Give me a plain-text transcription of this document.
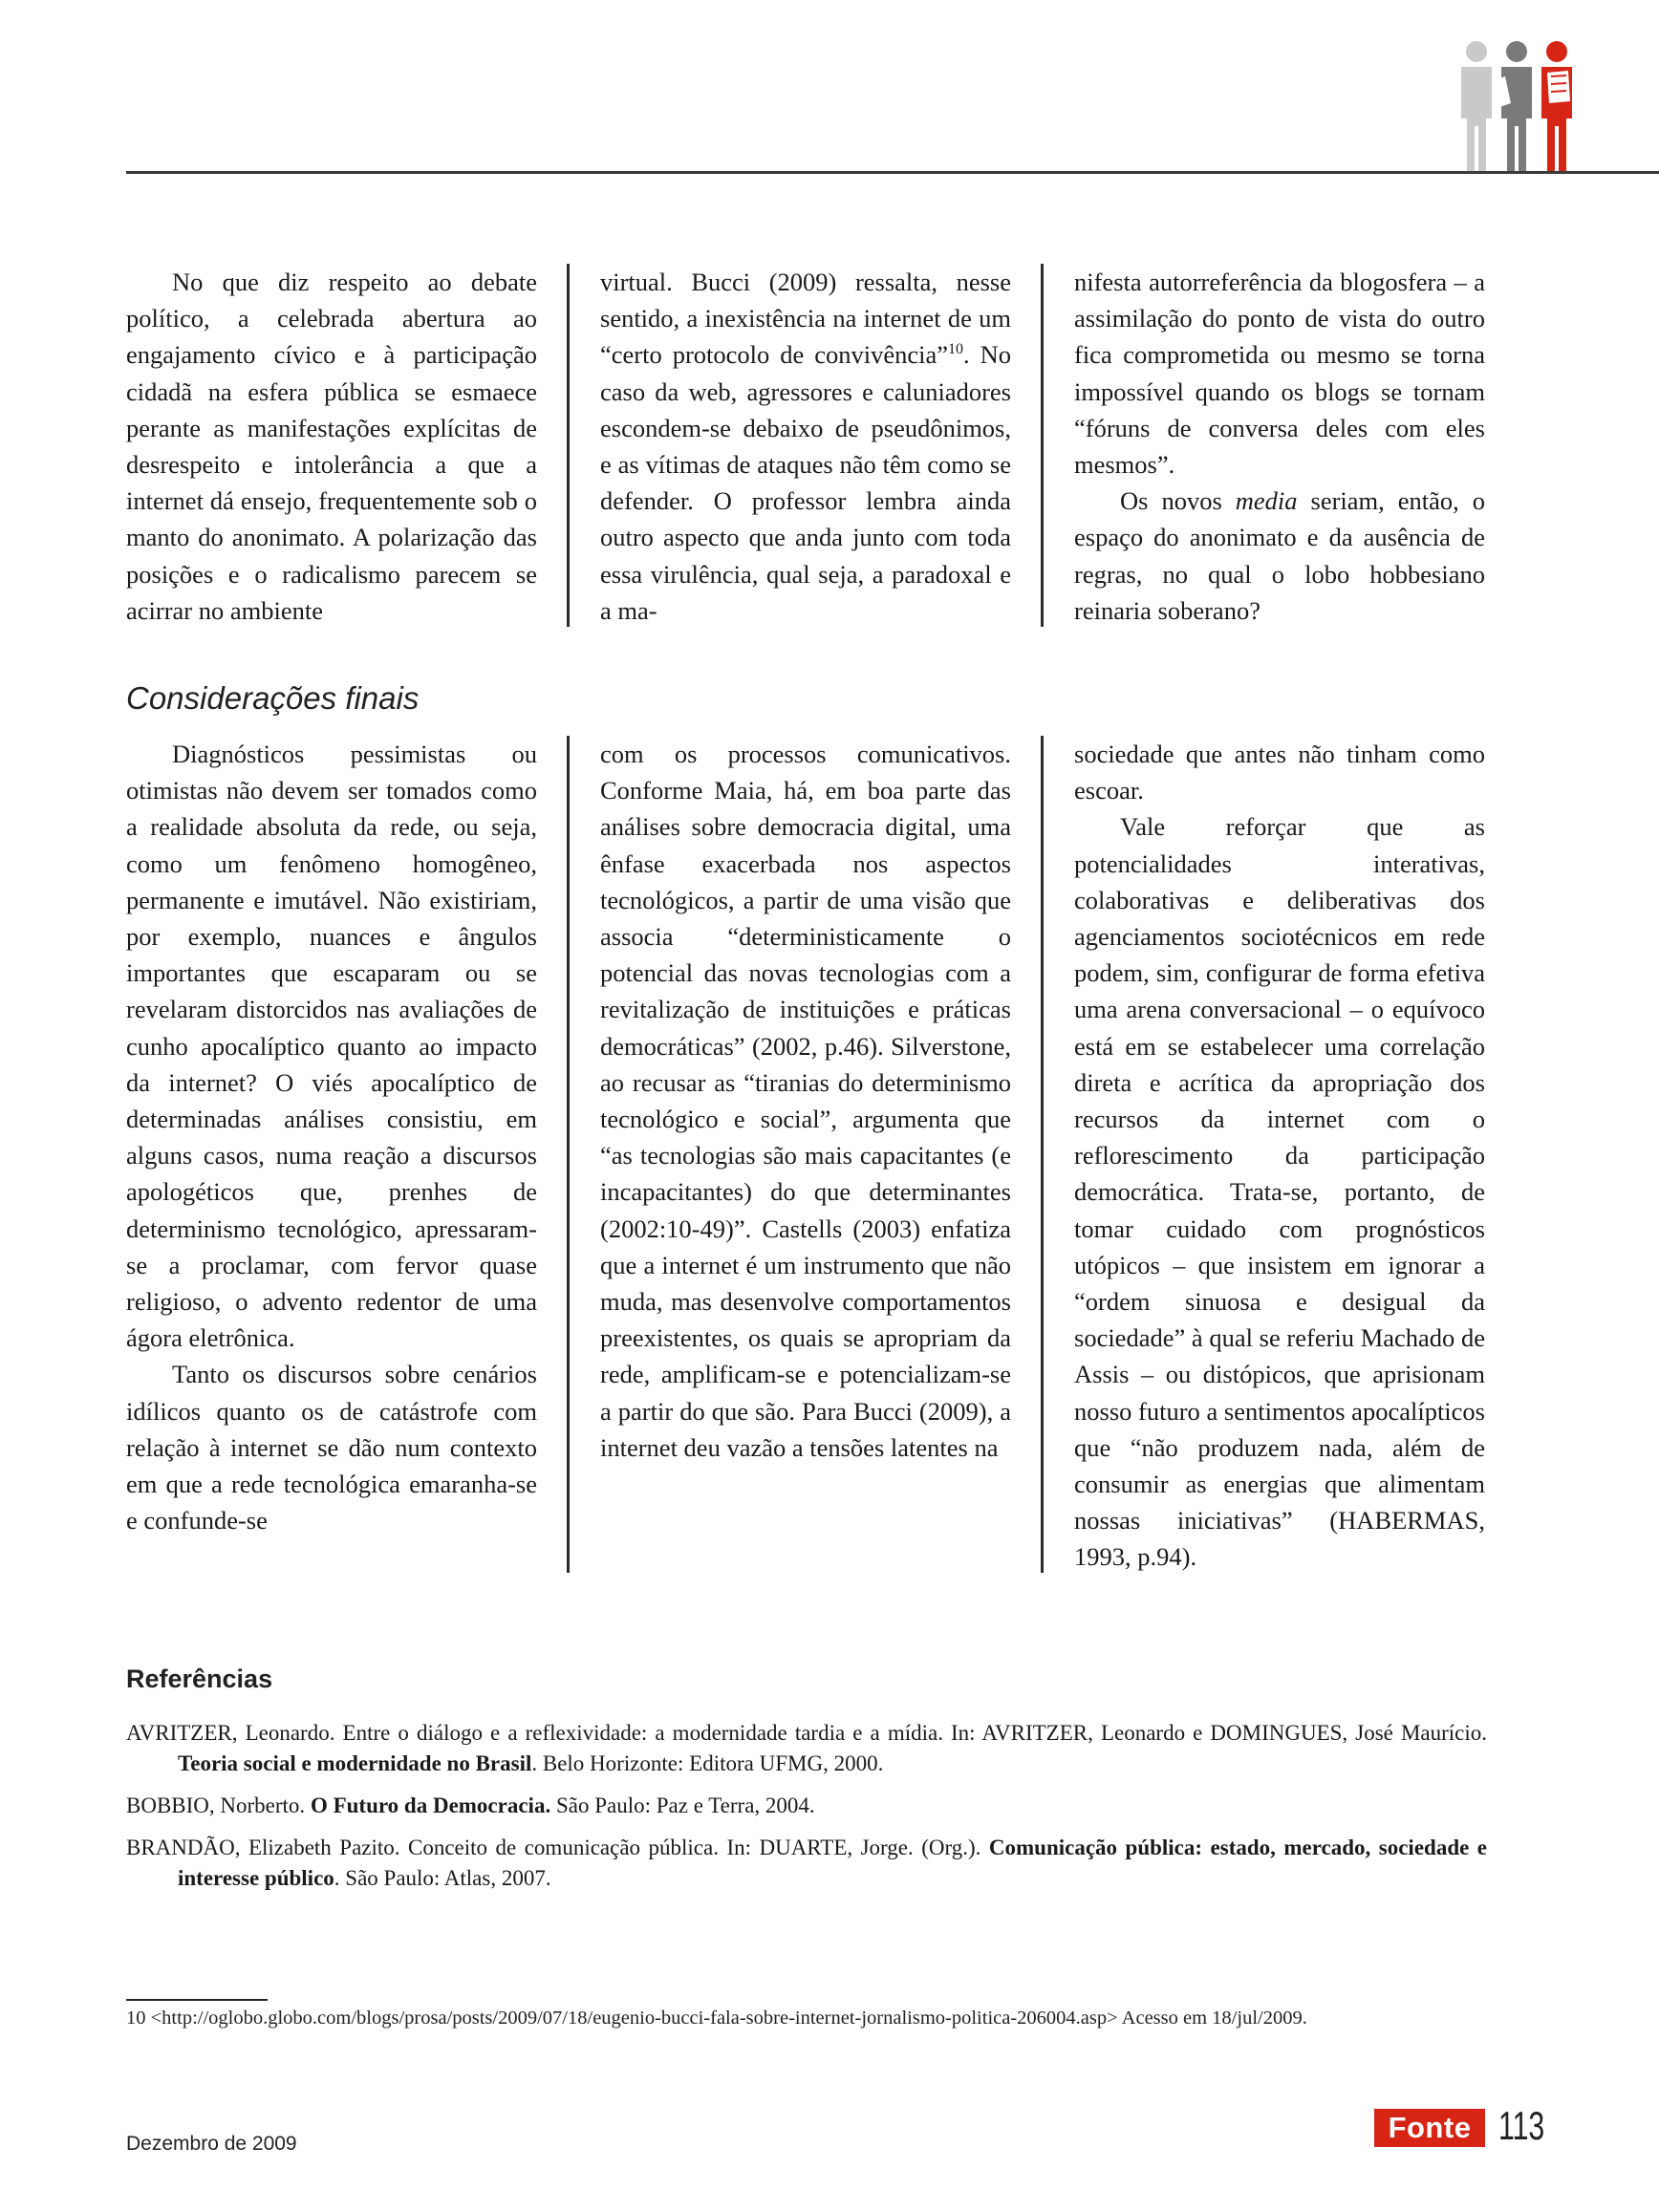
No que diz respeito ao debate político, a celebrada abertura ao engajamento cívico e à participação cidadã na esfera pública se esmaece perante as manifestações explícitas de desrespeito e intolerância a que a internet dá ensejo, frequentemente sob o manto do anonimato. A polarização das posições e o radicalismo parecem se acirrar no ambiente

virtual. Bucci (2009) ressalta, nesse sentido, a inexistência na internet de um “certo protocolo de convivência”$^{10}$. No caso da web, agressores e caluniadores escondem-se debaixo de pseudônimos, e as vítimas de ataques não têm como se defender. O professor lembra ainda outro aspecto que anda junto com toda essa virulência, qual seja, a paradoxal e a ma-

nifesta autorreferência da blogosfera – a assimilação do ponto de vista do outro fica comprometida ou mesmo se torna impossível quando os blogs se tornam “fóruns de conversa deles com eles mesmos”.

Os novos media seriam, então, o espaço do anonimato e da ausência de regras, no qual o lobo hobbesiano reinaria soberano?

Considerações finais

Diagnósticos pessimistas ou otimistas não devem ser tomados como a realidade absoluta da rede, ou seja, como um fenômeno homogêneo, permanente e imutável. Não existiriam, por exemplo, nuances e ângulos importantes que escaparam ou se revelaram distorcidos nas avaliações de cunho apocalíptico quanto ao impacto da internet? O viés apocalíptico de determinadas análises consistiu, em alguns casos, numa reação a discursos apologéticos que, prenhes de determinismo tecnológico, apressaram-se a proclamar, com fervor quase religioso, o advento redentor de uma ágora eletrônica.

Tanto os discursos sobre cenários idílicos quanto os de catástrofe com relação à internet se dão num contexto em que a rede tecnológica emaranha-se e confunde-se

com os processos comunicativos. Conforme Maia, há, em boa parte das análises sobre democracia digital, uma ênfase exacerbada nos aspectos tecnológicos, a partir de uma visão que associa “deterministicamente o potencial das novas tecnologias com a revitalização de instituições e práticas democráticas” (2002, p.46). Silverstone, ao recusar as “tiranias do determinismo tecnológico e social”, argumenta que “as tecnologias são mais capacitantes (e incapacitantes) do que determinantes (2002:10-49)”. Castells (2003) enfatiza que a internet é um instrumento que não muda, mas desenvolve comportamentos preexistentes, os quais se apropriam da rede, amplificam-se e potencializam-se a partir do que são. Para Bucci (2009), a internet deu vazão a tensões latentes na

sociedade que antes não tinham como escoar.

Vale reforçar que as potencialidades interativas, colaborativas e deliberativas dos agenciamentos sociotécnicos em rede podem, sim, configurar de forma efetiva uma arena conversacional – o equívoco está em se estabelecer uma correlação direta e acrítica da apropriação dos recursos da internet com o reflorescimento da participação democrática. Trata-se, portanto, de tomar cuidado com prognósticos utópicos – que insistem em ignorar a “ordem sinuosa e desigual da sociedade” à qual se referiu Machado de Assis – ou distópicos, que aprisionam nosso futuro a sentimentos apocalípticos que “não produzem nada, além de consumir as energias que alimentam nossas iniciativas” (HABERMAS, 1993, p.94).

Referências

AVRITZER, Leonardo. Entre o diálogo e a reflexividade: a modernidade tardia e a mídia. In: AVRITZER, Leonardo e DOMINGUES, José Maurício. Teoria social e modernidade no Brasil. Belo Horizonte: Editora UFMG, 2000.

BOBBIO, Norberto. O Futuro da Democracia. São Paulo: Paz e Terra, 2004.

BRANDÃO, Elizabeth Pazito. Conceito de comunicação pública. In: DUARTE, Jorge. (Org.). Comunicação pública: estado, mercado, sociedade e interesse público. São Paulo: Atlas, 2007.

10 <http://oglobo.globo.com/blogs/prosa/posts/2009/07/18/eugenio-bucci-fala-sobre-internet-jornalismo-politica-206004.asp> Acesso em 18/jul/2009.

Dezembro de 2009	Fonte 113
